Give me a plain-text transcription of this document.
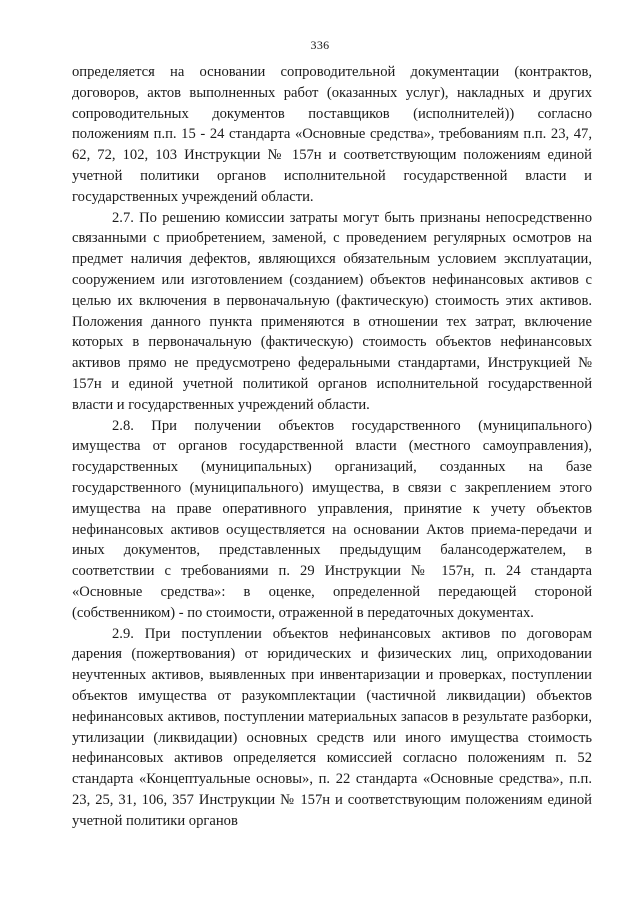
336

определяется на основании сопроводительной документации (контрактов, договоров, актов выполненных работ (оказанных услуг), накладных и других сопроводительных документов поставщиков (исполнителей)) согласно положениям п.п. 15 - 24 стандарта «Основные средства», требованиям п.п. 23, 47, 62, 72, 102, 103 Инструкции № 157н и соответствующим положениям единой учетной политики органов исполнительной государственной власти и государственных учреждений области.

2.7. По решению комиссии затраты могут быть признаны непосредственно связанными с приобретением, заменой, с проведением регулярных осмотров на предмет наличия дефектов, являющихся обязательным условием эксплуатации, сооружением или изготовлением (созданием) объектов нефинансовых активов с целью их включения в первоначальную (фактическую) стоимость этих активов. Положения данного пункта применяются в отношении тех затрат, включение которых в первоначальную (фактическую) стоимость объектов нефинансовых активов прямо не предусмотрено федеральными стандартами, Инструкцией № 157н и единой учетной политикой органов исполнительной государственной власти и государственных учреждений области.

2.8. При получении объектов государственного (муниципального) имущества от органов государственной власти (местного самоуправления), государственных (муниципальных) организаций, созданных на базе государственного (муниципального) имущества, в связи с закреплением этого имущества на праве оперативного управления, принятие к учету объектов нефинансовых активов осуществляется на основании Актов приема-передачи и иных документов, представленных предыдущим балансодержателем, в соответствии с требованиями п. 29 Инструкции № 157н, п. 24 стандарта «Основные средства»: в оценке, определенной передающей стороной (собственником) - по стоимости, отраженной в передаточных документах.

2.9. При поступлении объектов нефинансовых активов по договорам дарения (пожертвования) от юридических и физических лиц, оприходовании неучтенных активов, выявленных при инвентаризации и проверках, поступлении объектов имущества от разукомплектации (частичной ликвидации) объектов нефинансовых активов, поступлении материальных запасов в результате разборки, утилизации (ликвидации) основных средств или иного имущества стоимость нефинансовых активов определяется комиссией согласно положениям п. 52 стандарта «Концептуальные основы», п. 22 стандарта «Основные средства», п.п. 23, 25, 31, 106, 357 Инструкции № 157н и соответствующим положениям единой учетной политики органов
